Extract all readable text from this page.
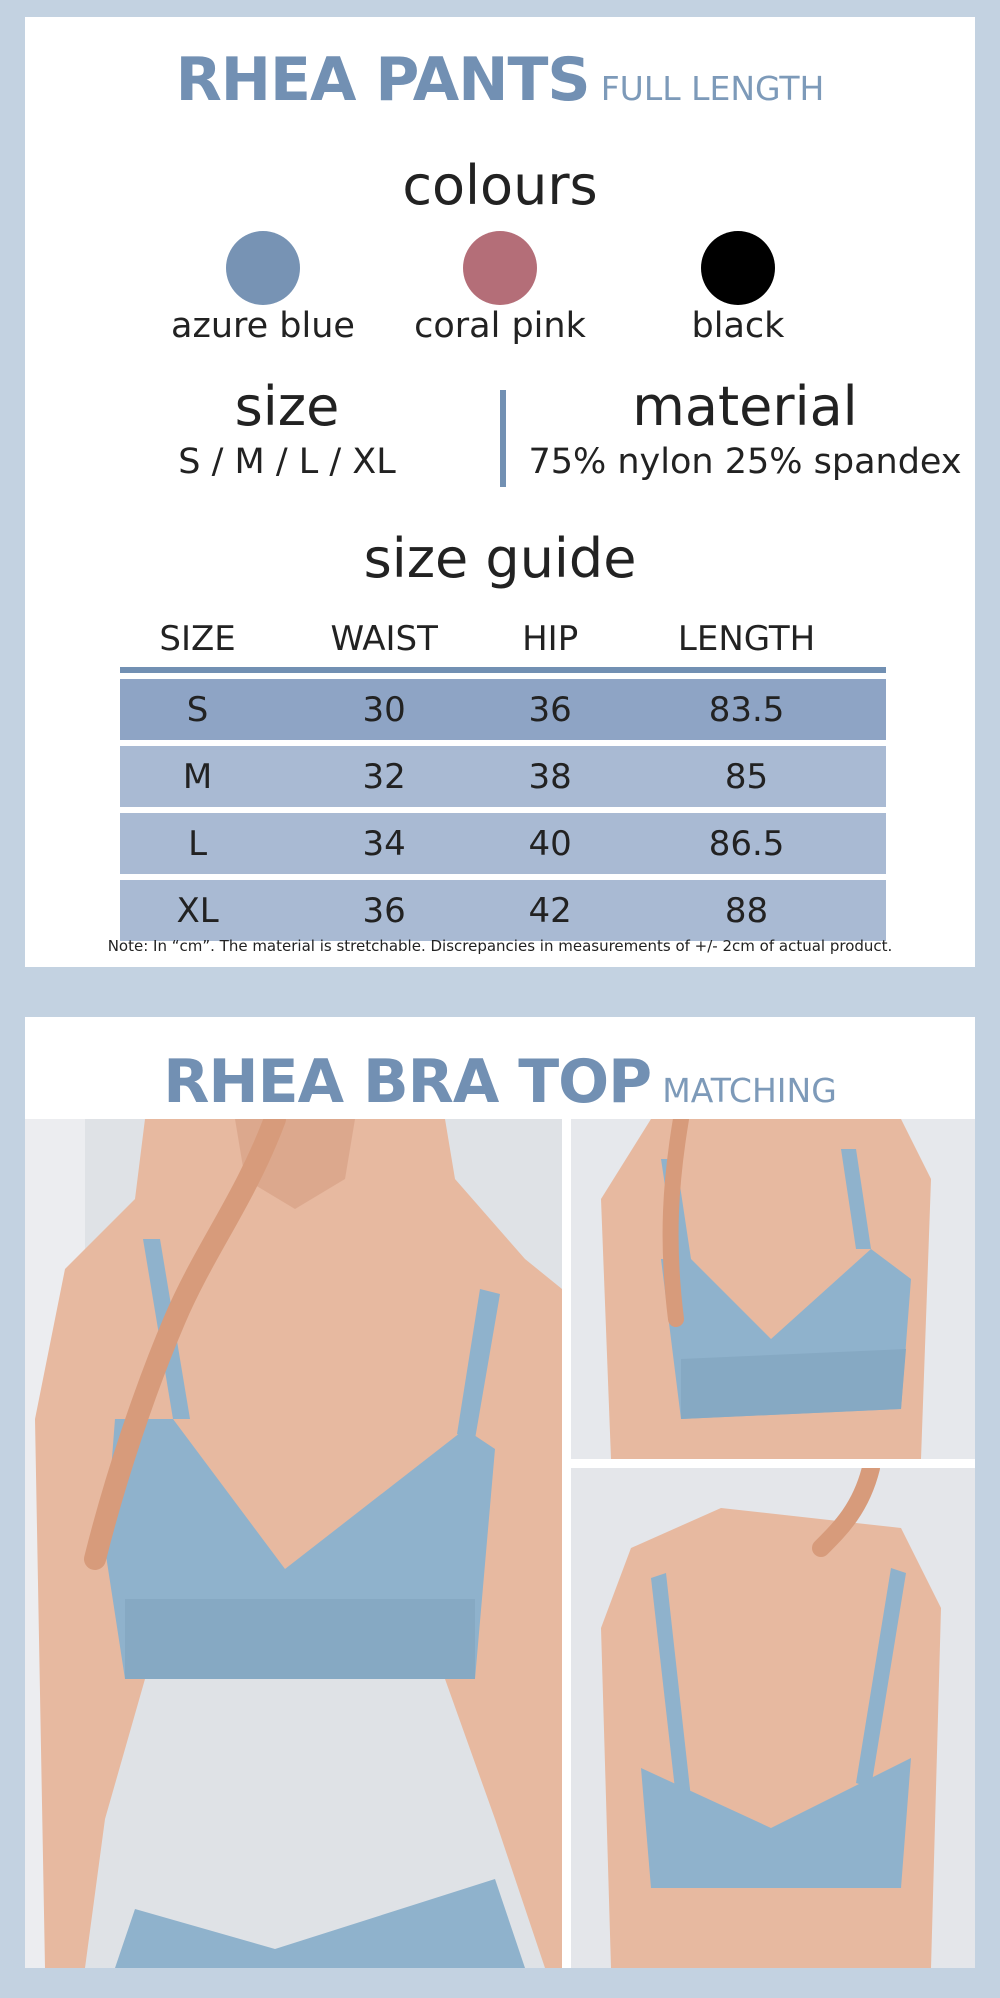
RHEA PANTS FULL LENGTH
colours
azure blue	coral pink	black
size
S / M / L / XL
material
75% nylon 25% spandex
size guide
SIZE	WAIST	HIP	LENGTH
S	30	36	83.5
M	32	38	85
L	34	40	86.5
XL	36	42	88
Note: In “cm”. The material is stretchable. Discrepancies in measurements of +/- 2cm of actual product.
RHEA BRA TOP MATCHING
